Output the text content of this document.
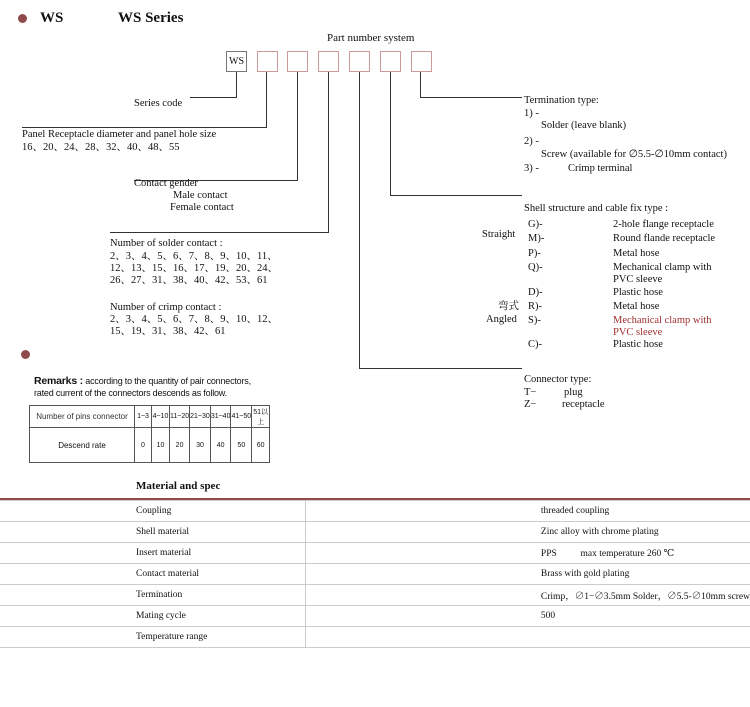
WS	WS Series
Part number system
WS
Series code
Panel Receptacle diameter and panel hole size
16、20、24、28、32、40、48、55
Contact gender
Male contact
Female contact
Number of solder contact :
2、3、4、5、6、7、8、9、10、11、
12、13、15、16、17、19、20、24、
26、27、31、38、40、42、53、61
Number of crimp contact :
2、3、4、5、6、7、8、9、10、12、
15、19、31、38、42、61
Termination type:
1) -
Solder (leave blank)
2) -
Screw (available for ∅5.5-∅10mm contact)
3) -	Crimp terminal
Shell structure and cable fix type :
Straight
弯式
Angled
G)-	2-hole flange receptacle
M)-	Round flande receptacle
P)-	Metal hose
Q)-	Mechanical clamp with
PVC sleeve
D)-	Plastic hose
R)-	Metal hose
S)-	Mechanical clamp with
PVC sleeve
C)-	Plastic hose
Connector type:
T−	plug
Z− receptacle
Remarks : according to the quantity of pair connectors,
rated current of the connectors descends as follow.
Number of pins connector	1~3	4~10	11~20	21~30	31~40	41~50	51以上
Descend rate	0	10	20	30	40	50	60
Material and spec
Coupling	threaded coupling
Shell material	Zinc alloy with chrome plating
Insert material	PPS          max temperature 260 ℃
Contact material	Brass with gold plating
Termination	Crimp，∅1−∅3.5mm Solder，∅5.5-∅10mm screw
Mating cycle	500
Temperature range	
